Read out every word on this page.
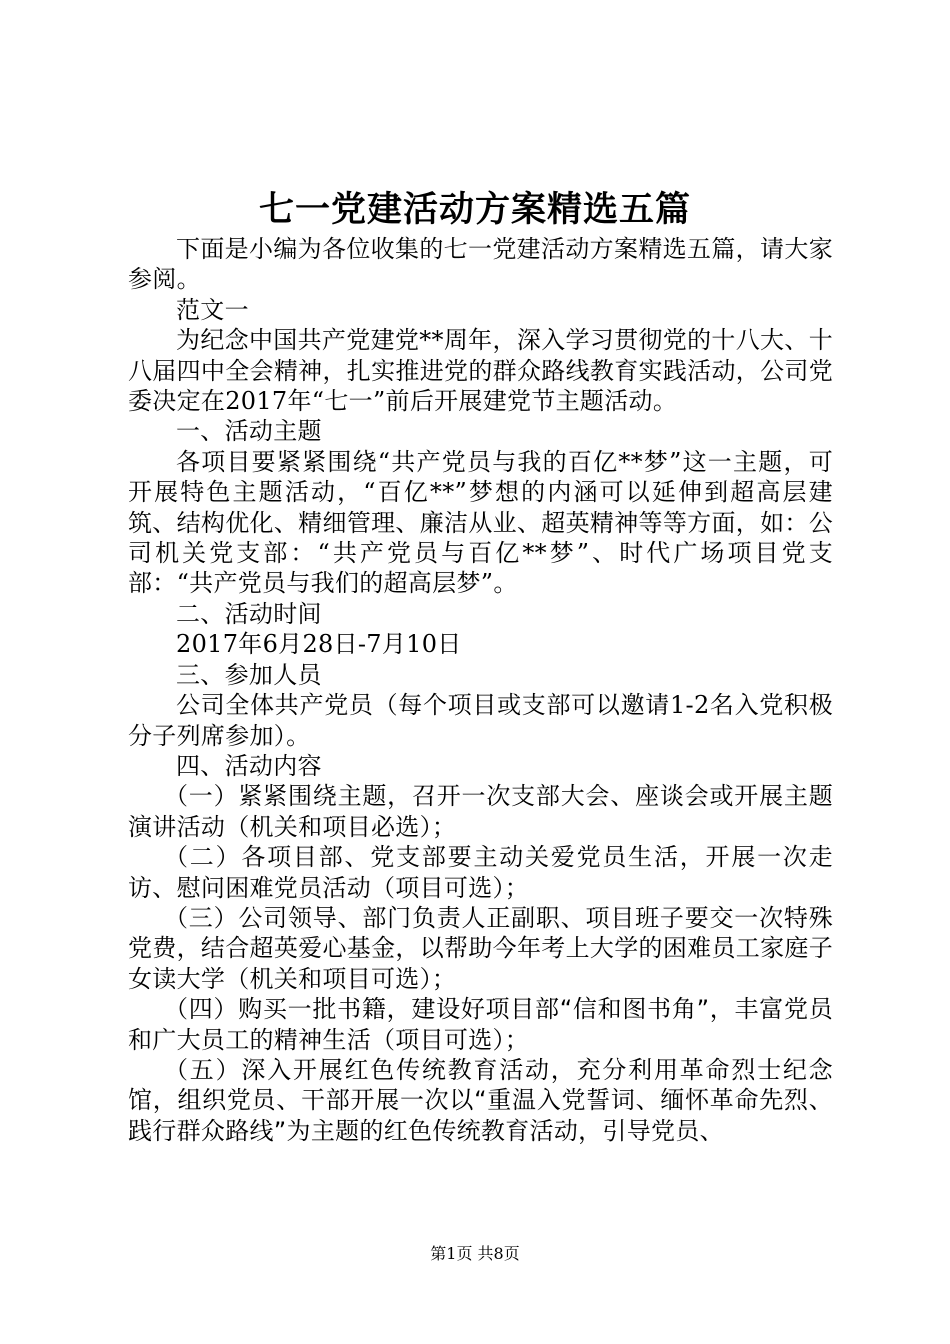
七一党建活动方案精选五篇

下面是小编为各位收集的七一党建活动方案精选五篇，请大家参阅。

范文一

为纪念中国共产党建党**周年，深入学习贯彻党的十八大、十八届四中全会精神，扎实推进党的群众路线教育实践活动，公司党委决定在2017年“七一”前后开展建党节主题活动。

一、活动主题

各项目要紧紧围绕“共产党员与我的百亿**梦”这一主题，可开展特色主题活动，“百亿**”梦想的内涵可以延伸到超高层建筑、结构优化、精细管理、廉洁从业、超英精神等等方面，如：公司机关党支部：“共产党员与百亿**梦”、时代广场项目党支部：“共产党员与我们的超高层梦”。

二、活动时间

2017年6月28日-7月10日

三、参加人员

公司全体共产党员（每个项目或支部可以邀请1-2名入党积极分子列席参加）。

四、活动内容

（一）紧紧围绕主题，召开一次支部大会、座谈会或开展主题演讲活动（机关和项目必选）；

（二）各项目部、党支部要主动关爱党员生活，开展一次走访、慰问困难党员活动（项目可选）；

（三）公司领导、部门负责人正副职、项目班子要交一次特殊党费，结合超英爱心基金，以帮助今年考上大学的困难员工家庭子女读大学（机关和项目可选）；

（四）购买一批书籍，建设好项目部“信和图书角”，丰富党员和广大员工的精神生活（项目可选）；

（五）深入开展红色传统教育活动，充分利用革命烈士纪念馆，组织党员、干部开展一次以“重温入党誓词、缅怀革命先烈、践行群众路线”为主题的红色传统教育活动，引导党员、

第1页 共8页
